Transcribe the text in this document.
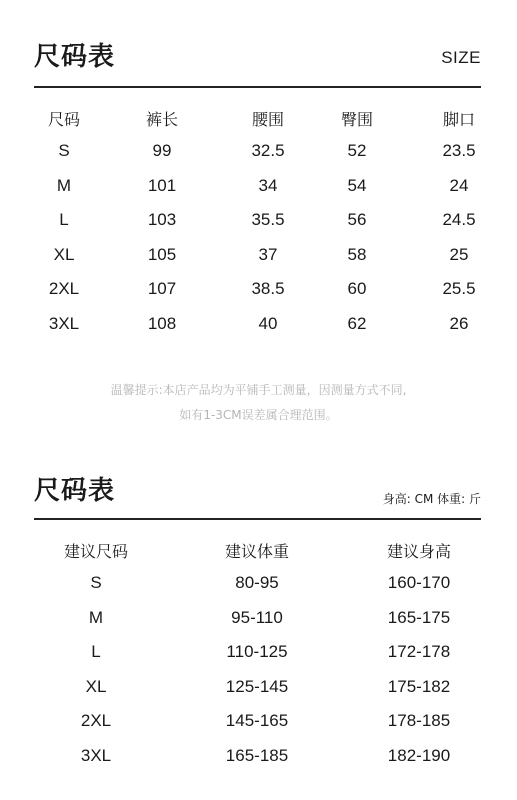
尺码表	SIZE
尺码	裤长	腰围	臀围	脚口
S	99	32.5	52	23.5
M	101	34	54	24
L	103	35.5	56	24.5
XL	105	37	58	25
2XL	107	38.5	60	25.5
3XL	108	40	62	26
温馨提示:本店产品均为平铺手工测量，因测量方式不同,
如有1-3CM误差属合理范围。
尺码表	身高: CM 体重: 斤
建议尺码	建议体重	建议身高
S	80-95	160-170
M	95-110	165-175
L	110-125	172-178
XL	125-145	175-182
2XL	145-165	178-185
3XL	165-185	182-190
